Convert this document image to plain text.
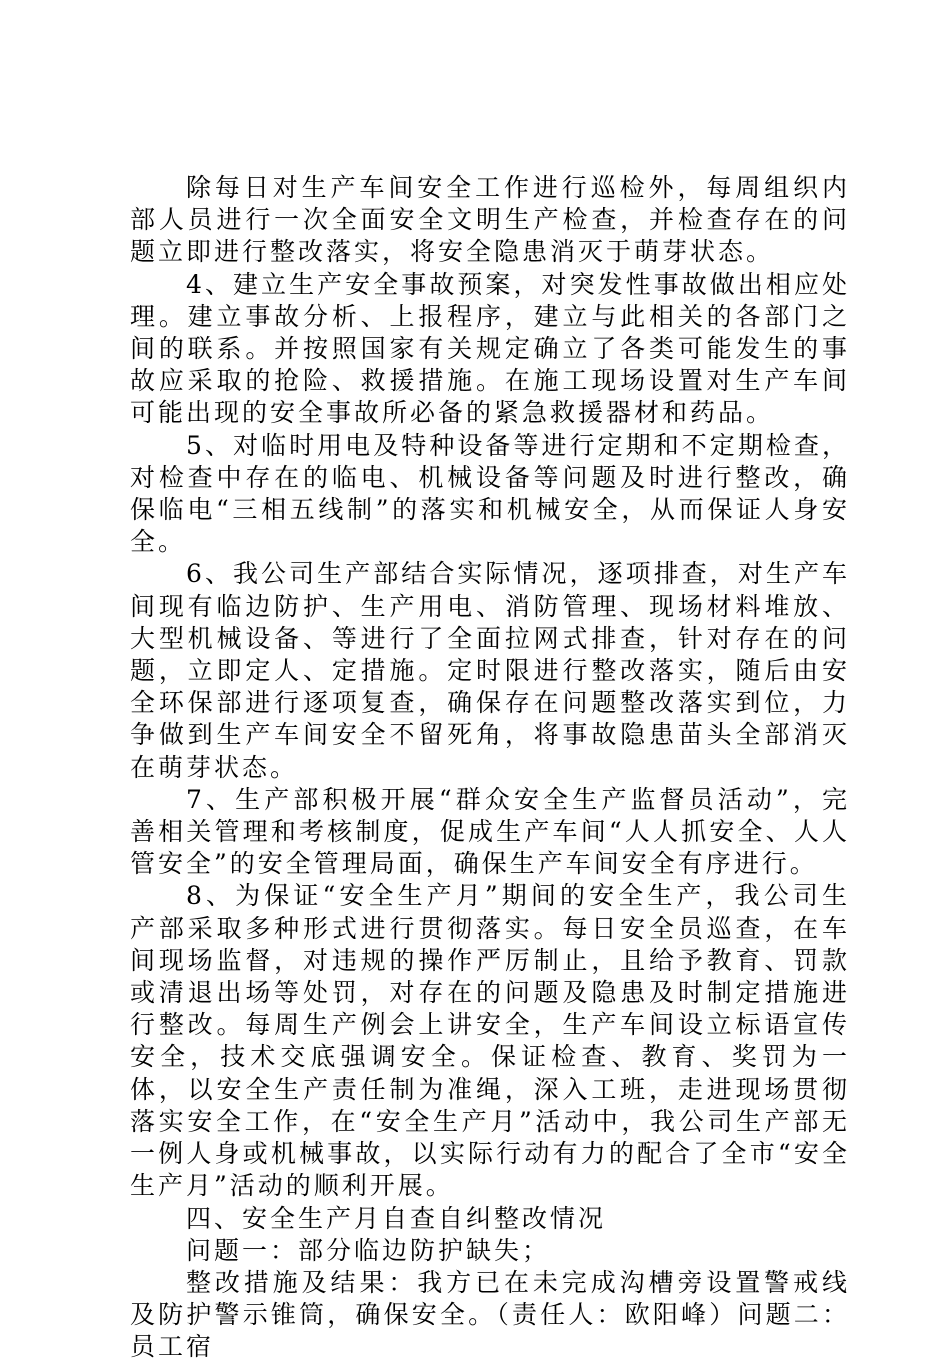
除每日对生产车间安全工作进行巡检外，每周组织内部人员进行一次全面安全文明生产检查，并检查存在的问题立即进行整改落实，将安全隐患消灭于萌芽状态。

4、建立生产安全事故预案，对突发性事故做出相应处理。建立事故分析、上报程序，建立与此相关的各部门之间的联系。并按照国家有关规定确立了各类可能发生的事故应采取的抢险、救援措施。在施工现场设置对生产车间可能出现的安全事故所必备的紧急救援器材和药品。

5、对临时用电及特种设备等进行定期和不定期检查，对检查中存在的临电、机械设备等问题及时进行整改，确保临电“三相五线制”的落实和机械安全，从而保证人身安全。

6、我公司生产部结合实际情况，逐项排查，对生产车间现有临边防护、生产用电、消防管理、现场材料堆放、大型机械设备、等进行了全面拉网式排查，针对存在的问题，立即定人、定措施。定时限进行整改落实，随后由安全环保部进行逐项复查，确保存在问题整改落实到位，力争做到生产车间安全不留死角，将事故隐患苗头全部消灭在萌芽状态。

7、生产部积极开展“群众安全生产监督员活动”，完善相关管理和考核制度，促成生产车间“人人抓安全、人人管安全”的安全管理局面，确保生产车间安全有序进行。

8、为保证“安全生产月”期间的安全生产，我公司生产部采取多种形式进行贯彻落实。每日安全员巡查，在车间现场监督，对违规的操作严厉制止，且给予教育、罚款或清退出场等处罚，对存在的问题及隐患及时制定措施进行整改。每周生产例会上讲安全，生产车间设立标语宣传安全，技术交底强调安全。保证检查、教育、奖罚为一体，以安全生产责任制为准绳，深入工班，走进现场贯彻落实安全工作，在“安全生产月”活动中，我公司生产部无一例人身或机械事故，以实际行动有力的配合了全市“安全生产月”活动的顺利开展。

四、安全生产月自查自纠整改情况

问题一：部分临边防护缺失；

整改措施及结果：我方已在未完成沟槽旁设置警戒线及防护警示锥筒，确保安全。（责任人：欧阳峰）问题二：员工宿
